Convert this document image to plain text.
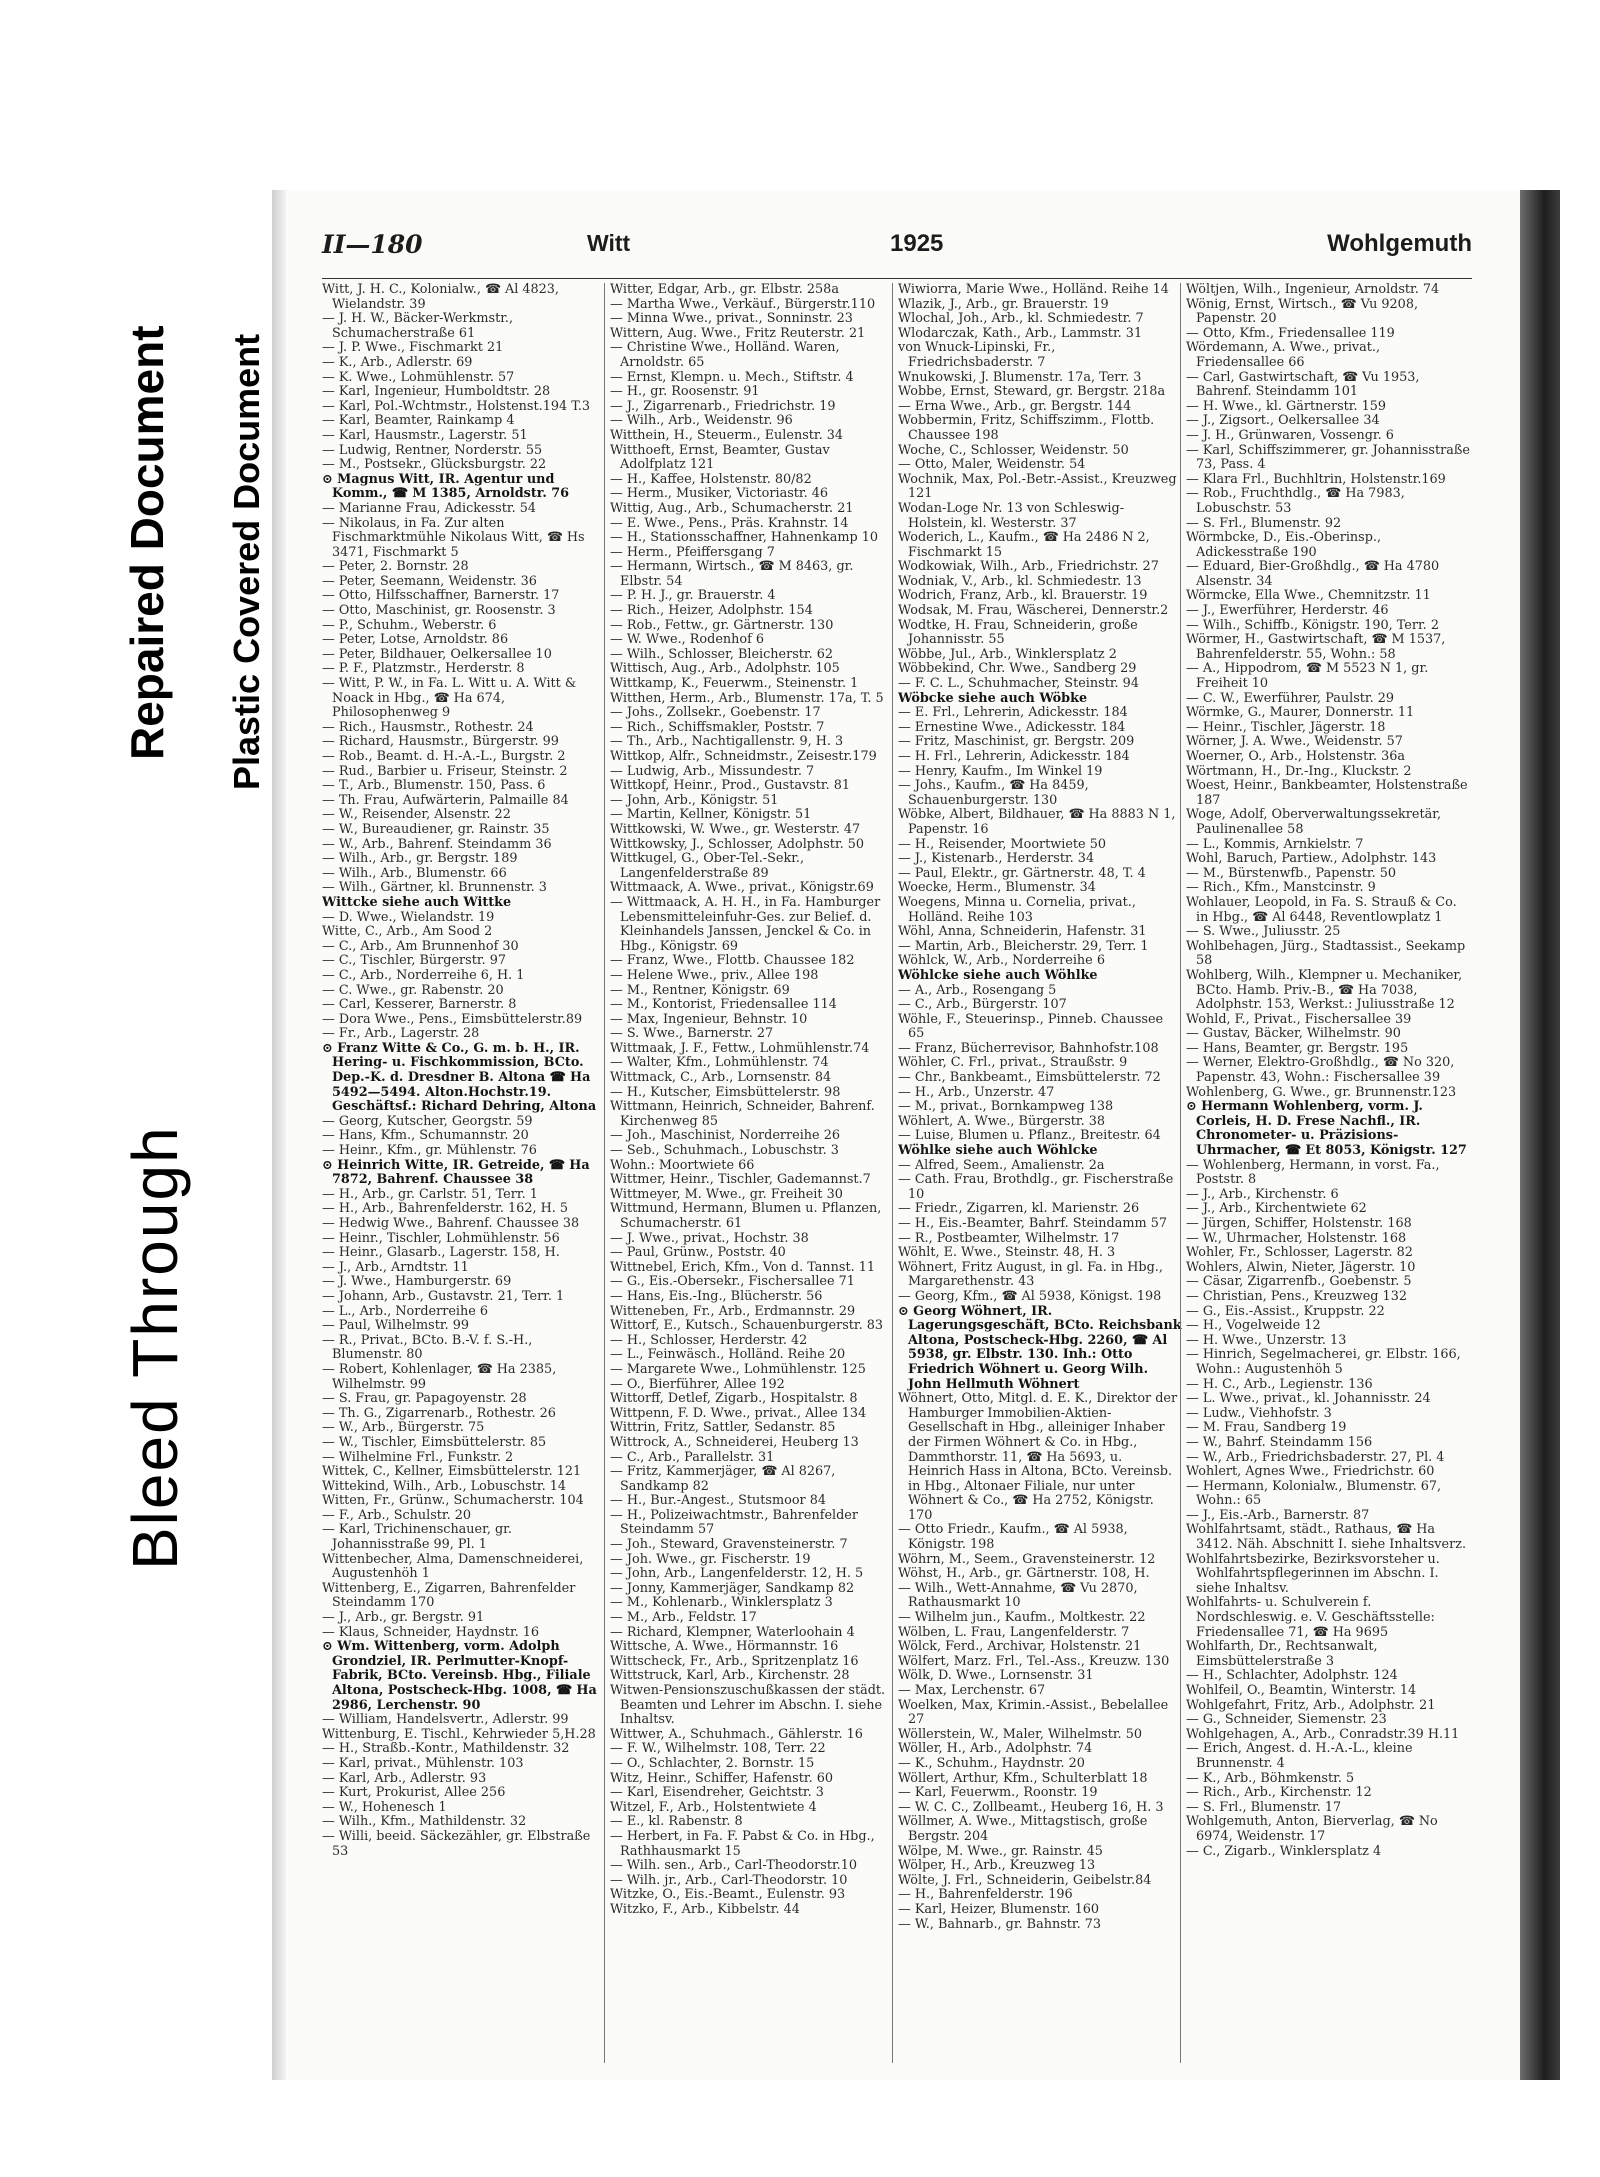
Bleed Through
Repaired Document Plastic Covered Document
II—180	Witt	1925	Wohlgemuth

Witt, J. H. C., Kolonialw., ☎ Al 4823, Wielandstr. 39

— J. H. W., Bäcker-Werkmstr., Schumacherstraße 61

— J. P. Wwe., Fischmarkt 21

— K., Arb., Adlerstr. 69

— K. Wwe., Lohmühlenstr. 57

— Karl, Ingenieur, Humboldtstr. 28

— Karl, Pol.-Wchtmstr., Holstenst.194 T.3

— Karl, Beamter, Rainkamp 4

— Karl, Hausmstr., Lagerstr. 51

— Ludwig, Rentner, Norderstr. 55

— M., Postsekr., Glücksburgstr. 22

⊙ Magnus Witt, IR. Agentur und Komm., ☎ M 1385, Arnoldstr. 76

— Marianne Frau, Adickesstr. 54

— Nikolaus, in Fa. Zur alten Fischmarktmühle Nikolaus Witt, ☎ Hs 3471, Fischmarkt 5

— Peter, 2. Bornstr. 28

— Peter, Seemann, Weidenstr. 36

— Otto, Hilfsschaffner, Barnerstr. 17

— Otto, Maschinist, gr. Roosenstr. 3

— P., Schuhm., Weberstr. 6

— Peter, Lotse, Arnoldstr. 86

— Peter, Bildhauer, Oelkersallee 10

— P. F., Platzmstr., Herderstr. 8

— Witt, P. W., in Fa. L. Witt u. A. Witt & Noack in Hbg., ☎ Ha 674, Philosophenweg 9

— Rich., Hausmstr., Rothestr. 24

— Richard, Hausmstr., Bürgerstr. 99

— Rob., Beamt. d. H.-A.-L., Burgstr. 2

— Rud., Barbier u. Friseur, Steinstr. 2

— T., Arb., Blumenstr. 150, Pass. 6

— Th. Frau, Aufwärterin, Palmaille 84

— W., Reisender, Alsenstr. 22

— W., Bureaudiener, gr. Rainstr. 35

— W., Arb., Bahrenf. Steindamm 36

— Wilh., Arb., gr. Bergstr. 189

— Wilh., Arb., Blumenstr. 66

— Wilh., Gärtner, kl. Brunnenstr. 3

Wittcke siehe auch Wittke

— D. Wwe., Wielandstr. 19

Witte, C., Arb., Am Sood 2

— C., Arb., Am Brunnenhof 30

— C., Tischler, Bürgerstr. 97

— C., Arb., Norderreihe 6, H. 1

— C. Wwe., gr. Rabenstr. 20

— Carl, Kesserer, Barnerstr. 8

— Dora Wwe., Pens., Eimsbüttelerstr.89

— Fr., Arb., Lagerstr. 28

⊙ Franz Witte & Co., G. m. b. H., IR. Hering- u. Fischkommission, BCto. Dep.-K. d. Dresdner B. Altona ☎ Ha 5492—5494. Alton.Hochstr.19. Geschäftsf.: Richard Dehring, Altona

— Georg, Kutscher, Georgstr. 59

— Hans, Kfm., Schumannstr. 20

— Heinr., Kfm., gr. Mühlenstr. 76

⊙ Heinrich Witte, IR. Getreide, ☎ Ha 7872, Bahrenf. Chaussee 38

— H., Arb., gr. Carlstr. 51, Terr. 1

— H., Arb., Bahrenfelderstr. 162, H. 5

— Hedwig Wwe., Bahrenf. Chaussee 38

— Heinr., Tischler, Lohmühlenstr. 56

— Heinr., Glasarb., Lagerstr. 158, H.

— J., Arb., Arndtstr. 11

— J. Wwe., Hamburgerstr. 69

— Johann, Arb., Gustavstr. 21, Terr. 1

— L., Arb., Norderreihe 6

— Paul, Wilhelmstr. 99

— R., Privat., BCto. B.-V. f. S.-H., Blumenstr. 80

— Robert, Kohlenlager, ☎ Ha 2385, Wilhelmstr. 99

— S. Frau, gr. Papagoyenstr. 28

— Th. G., Zigarrenarb., Rothestr. 26

— W., Arb., Bürgerstr. 75

— W., Tischler, Eimsbüttelerstr. 85

— Wilhelmine Frl., Funkstr. 2

Wittek, C., Kellner, Eimsbüttelerstr. 121

Wittekind, Wilh., Arb., Lobuschstr. 14

Witten, Fr., Grünw., Schumacherstr. 104

— F., Arb., Schulstr. 20

— Karl, Trichinenschauer, gr. Johannisstraße 99, Pl. 1

Wittenbecher, Alma, Damenschneiderei, Augustenhöh 1

Wittenberg, E., Zigarren, Bahrenfelder Steindamm 170

— J., Arb., gr. Bergstr. 91

— Klaus, Schneider, Haydnstr. 16

⊙ Wm. Wittenberg, vorm. Adolph Grondziel, IR. Perlmutter-Knopf-Fabrik, BCto. Vereinsb. Hbg., Filiale Altona, Postscheck-Hbg. 1008, ☎ Ha 2986, Lerchenstr. 90

— William, Handelsvertr., Adlerstr. 99

Wittenburg, E. Tischl., Kehrwieder 5,H.28

— H., Straßb.-Kontr., Mathildenstr. 32

— Karl, privat., Mühlenstr. 103

— Karl, Arb., Adlerstr. 93

— Kurt, Prokurist, Allee 256

— W., Hohenesch 1

— Wilh., Kfm., Mathildenstr. 32

— Willi, beeid. Säckezähler, gr. Elbstraße 53

Witter, Edgar, Arb., gr. Elbstr. 258a

— Martha Wwe., Verkäuf., Bürgerstr.110

— Minna Wwe., privat., Sonninstr. 23

Wittern, Aug. Wwe., Fritz Reuterstr. 21

— Christine Wwe., Holländ. Waren, Arnoldstr. 65

— Ernst, Klempn. u. Mech., Stiftstr. 4

— H., gr. Roosenstr. 91

— J., Zigarrenarb., Friedrichstr. 19

— Wilh., Arb., Weidenstr. 96

Witthein, H., Steuerm., Eulenstr. 34

Witthoeft, Ernst, Beamter, Gustav Adolfplatz 121

— H., Kaffee, Holstenstr. 80/82

— Herm., Musiker, Victoriastr. 46

Wittig, Aug., Arb., Schumacherstr. 21

— E. Wwe., Pens., Präs. Krahnstr. 14

— H., Stationsschaffner, Hahnenkamp 10

— Herm., Pfeiffersgang 7

— Hermann, Wirtsch., ☎ M 8463, gr. Elbstr. 54

— P. H. J., gr. Brauerstr. 4

— Rich., Heizer, Adolphstr. 154

— Rob., Fettw., gr. Gärtnerstr. 130

— W. Wwe., Rodenhof 6

— Wilh., Schlosser, Bleicherstr. 62

Wittisch, Aug., Arb., Adolphstr. 105

Wittkamp, K., Feuerwm., Steinenstr. 1

Witthen, Herm., Arb., Blumenstr. 17a, T. 5

— Johs., Zollsekr., Goebenstr. 17

— Rich., Schiffsmakler, Poststr. 7

— Th., Arb., Nachtigallenstr. 9, H. 3

Wittkop, Alfr., Schneidmstr., Zeisestr.179

— Ludwig, Arb., Missundestr. 7

Wittkopf, Heinr., Prod., Gustavstr. 81

— John, Arb., Königstr. 51

— Martin, Kellner, Königstr. 51

Wittkowski, W. Wwe., gr. Westerstr. 47

Wittkowsky, J., Schlosser, Adolphstr. 50

Wittkugel, G., Ober-Tel.-Sekr., Langenfelderstraße 89

Wittmaack, A. Wwe., privat., Königstr.69

— Wittmaack, A. H. H., in Fa. Hamburger Lebensmitteleinfuhr-Ges. zur Belief. d. Kleinhandels Janssen, Jenckel & Co. in Hbg., Königstr. 69

— Franz, Wwe., Flottb. Chaussee 182

— Helene Wwe., priv., Allee 198

— M., Rentner, Königstr. 69

— M., Kontorist, Friedensallee 114

— Max, Ingenieur, Behnstr. 10

— S. Wwe., Barnerstr. 27

Wittmaak, J. F., Fettw., Lohmühlenstr.74

— Walter, Kfm., Lohmühlenstr. 74

Wittmack, C., Arb., Lornsenstr. 84

— H., Kutscher, Eimsbüttelerstr. 98

Wittmann, Heinrich, Schneider, Bahrenf. Kirchenweg 85

— Joh., Maschinist, Norderreihe 26

— Seb., Schuhmach., Lobuschstr. 3

Wohn.: Moortwiete 66

Wittmer, Heinr., Tischler, Gademannst.7

Wittmeyer, M. Wwe., gr. Freiheit 30

Wittmund, Hermann, Blumen u. Pflanzen, Schumacherstr. 61

— J. Wwe., privat., Hochstr. 38

— Paul, Grünw., Poststr. 40

Wittnebel, Erich, Kfm., Von d. Tannst. 11

— G., Eis.-Obersekr., Fischersallee 71

— Hans, Eis.-Ing., Blücherstr. 56

Witteneben, Fr., Arb., Erdmannstr. 29

Wittorf, E., Kutsch., Schauenburgerstr. 83

— H., Schlosser, Herderstr. 42

— L., Feinwäsch., Holländ. Reihe 20

— Margarete Wwe., Lohmühlenstr. 125

— O., Bierführer, Allee 192

Wittorff, Detlef, Zigarb., Hospitalstr. 8

Wittpenn, F. D. Wwe., privat., Allee 134

Wittrin, Fritz, Sattler, Sedanstr. 85

Wittrock, A., Schneiderei, Heuberg 13

— C., Arb., Parallelstr. 31

— Fritz, Kammerjäger, ☎ Al 8267, Sandkamp 82

— H., Bur.-Angest., Stutsmoor 84

— H., Polizeiwachtmstr., Bahrenfelder Steindamm 57

— Joh., Steward, Gravensteinerstr. 7

— Joh. Wwe., gr. Fischerstr. 19

— John, Arb., Langenfelderstr. 12, H. 5

— Jonny, Kammerjäger, Sandkamp 82

— M., Kohlenarb., Winklersplatz 3

— M., Arb., Feldstr. 17

— Richard, Klempner, Waterloohain 4

Wittsche, A. Wwe., Hörmannstr. 16

Wittscheck, Fr., Arb., Spritzenplatz 16

Wittstruck, Karl, Arb., Kirchenstr. 28

Witwen-Pensionszuschußkassen der städt. Beamten und Lehrer im Abschn. I. siehe Inhaltsv.

Wittwer, A., Schuhmach., Gählerstr. 16

— F. W., Wilhelmstr. 108, Terr. 22

— O., Schlachter, 2. Bornstr. 15

Witz, Heinr., Schiffer, Hafenstr. 60

— Karl, Eisendreher, Geichtstr. 3

Witzel, F., Arb., Holstentwiete 4

— E., kl. Rabenstr. 8

— Herbert, in Fa. F. Pabst & Co. in Hbg., Rathhausmarkt 15

— Wilh. sen., Arb., Carl-Theodorstr.10

— Wilh. jr., Arb., Carl-Theodorstr. 10

Witzke, O., Eis.-Beamt., Eulenstr. 93

Witzko, F., Arb., Kibbelstr. 44

Wiwiorra, Marie Wwe., Holländ. Reihe 14

Wlazik, J., Arb., gr. Brauerstr. 19

Wlochal, Joh., Arb., kl. Schmiedestr. 7

Wlodarczak, Kath., Arb., Lammstr. 31

von Wnuck-Lipinski, Fr., Friedrichsbaderstr. 7

Wnukowski, J. Blumenstr. 17a, Terr. 3

Wobbe, Ernst, Steward, gr. Bergstr. 218a

— Erna Wwe., Arb., gr. Bergstr. 144

Wobbermin, Fritz, Schiffszimm., Flottb. Chaussee 198

Woche, C., Schlosser, Weidenstr. 50

— Otto, Maler, Weidenstr. 54

Wochnik, Max, Pol.-Betr.-Assist., Kreuzweg 121

Wodan-Loge Nr. 13 von Schleswig-Holstein, kl. Westerstr. 37

Woderich, L., Kaufm., ☎ Ha 2486 N 2, Fischmarkt 15

Wodkowiak, Wilh., Arb., Friedrichstr. 27

Wodniak, V., Arb., kl. Schmiedestr. 13

Wodrich, Franz, Arb., kl. Brauerstr. 19

Wodsak, M. Frau, Wäscherei, Dennerstr.2

Wodtke, H. Frau, Schneiderin, große Johannisstr. 55

Wöbbe, Jul., Arb., Winklersplatz 2

Wöbbekind, Chr. Wwe., Sandberg 29

— F. C. L., Schuhmacher, Steinstr. 94

Wöbcke siehe auch Wöbke

— E. Frl., Lehrerin, Adickesstr. 184

— Ernestine Wwe., Adickesstr. 184

— Fritz, Maschinist, gr. Bergstr. 209

— H. Frl., Lehrerin, Adickesstr. 184

— Henry, Kaufm., Im Winkel 19

— Johs., Kaufm., ☎ Ha 8459, Schauenburgerstr. 130

Wöbke, Albert, Bildhauer, ☎ Ha 8883 N 1, Papenstr. 16

— H., Reisender, Moortwiete 50

— J., Kistenarb., Herderstr. 34

— Paul, Elektr., gr. Gärtnerstr. 48, T. 4

Woecke, Herm., Blumenstr. 34

Woegens, Minna u. Cornelia, privat., Holländ. Reihe 103

Wöhl, Anna, Schneiderin, Hafenstr. 31

— Martin, Arb., Bleicherstr. 29, Terr. 1

Wöhlck, W., Arb., Norderreihe 6

Wöhlcke siehe auch Wöhlke

— A., Arb., Rosengang 5

— C., Arb., Bürgerstr. 107

Wöhle, F., Steuerinsp., Pinneb. Chaussee 65

— Franz, Bücherrevisor, Bahnhofstr.108

Wöhler, C. Frl., privat., Straußstr. 9

— Chr., Bankbeamt., Eimsbüttelerstr. 72

— H., Arb., Unzerstr. 47

— M., privat., Bornkampweg 138

Wöhlert, A. Wwe., Bürgerstr. 38

— Luise, Blumen u. Pflanz., Breitestr. 64

Wöhlke siehe auch Wöhlcke

— Alfred, Seem., Amalienstr. 2a

— Cath. Frau, Brothdlg., gr. Fischerstraße 10

— Friedr., Zigarren, kl. Marienstr. 26

— H., Eis.-Beamter, Bahrf. Steindamm 57

— R., Postbeamter, Wilhelmstr. 17

Wöhlt, E. Wwe., Steinstr. 48, H. 3

Wöhnert, Fritz August, in gl. Fa. in Hbg., Margarethenstr. 43

— Georg, Kfm., ☎ Al 5938, Königst. 198

⊙ Georg Wöhnert, IR. Lagerungsgeschäft, BCto. Reichsbank Altona, Postscheck-Hbg. 2260, ☎ Al 5938, gr. Elbstr. 130. Inh.: Otto Friedrich Wöhnert u. Georg Wilh. John Hellmuth Wöhnert

Wöhnert, Otto, Mitgl. d. E. K., Direktor der Hamburger Immobilien-Aktien-Gesellschaft in Hbg., alleiniger Inhaber der Firmen Wöhnert & Co. in Hbg., Dammthorstr. 11, ☎ Ha 5693, u. Heinrich Hass in Altona, BCto. Vereinsb. in Hbg., Altonaer Filiale, nur unter Wöhnert & Co., ☎ Ha 2752, Königstr. 170

— Otto Friedr., Kaufm., ☎ Al 5938, Königstr. 198

Wöhrn, M., Seem., Gravensteinerstr. 12

Wöhst, H., Arb., gr. Gärtnerstr. 108, H.

— Wilh., Wett-Annahme, ☎ Vu 2870, Rathausmarkt 10

— Wilhelm jun., Kaufm., Moltkestr. 22

Wölben, L. Frau, Langenfelderstr. 7

Wölck, Ferd., Archivar, Holstenstr. 21

Wölfert, Marz. Frl., Tel.-Ass., Kreuzw. 130

Wölk, D. Wwe., Lornsenstr. 31

— Max, Lerchenstr. 67

Woelken, Max, Krimin.-Assist., Bebelallee 27

Wöllerstein, W., Maler, Wilhelmstr. 50

Wöller, H., Arb., Adolphstr. 74

— K., Schuhm., Haydnstr. 20

Wöllert, Arthur, Kfm., Schulterblatt 18

— Karl, Feuerwm., Roonstr. 19

— W. C. C., Zollbeamt., Heuberg 16, H. 3

Wöllmer, A. Wwe., Mittagstisch, große Bergstr. 204

Wölpe, M. Wwe., gr. Rainstr. 45

Wölper, H., Arb., Kreuzweg 13

Wölte, J. Frl., Schneiderin, Geibelstr.84

— H., Bahrenfelderstr. 196

— Karl, Heizer, Blumenstr. 160

— W., Bahnarb., gr. Bahnstr. 73

Wöltjen, Wilh., Ingenieur, Arnoldstr. 74

Wönig, Ernst, Wirtsch., ☎ Vu 9208, Papenstr. 20

— Otto, Kfm., Friedensallee 119

Wördemann, A. Wwe., privat., Friedensallee 66

— Carl, Gastwirtschaft, ☎ Vu 1953, Bahrenf. Steindamm 101

— H. Wwe., kl. Gärtnerstr. 159

— J., Zigsort., Oelkersallee 34

— J. H., Grünwaren, Vossengr. 6

— Karl, Schiffszimmerer, gr. Johannisstraße 73, Pass. 4

— Klara Frl., Buchhltrin, Holstenstr.169

— Rob., Fruchthdlg., ☎ Ha 7983, Lobuschstr. 53

— S. Frl., Blumenstr. 92

Wörmbcke, D., Eis.-Oberinsp., Adickesstraße 190

— Eduard, Bier-Großhdlg., ☎ Ha 4780 Alsenstr. 34

Wörmcke, Ella Wwe., Chemnitzstr. 11

— J., Ewerführer, Herderstr. 46

— Wilh., Schiffb., Königstr. 190, Terr. 2

Wörmer, H., Gastwirtschaft, ☎ M 1537, Bahrenfelderstr. 55, Wohn.: 58

— A., Hippodrom, ☎ M 5523 N 1, gr. Freiheit 10

— C. W., Ewerführer, Paulstr. 29

Wörmke, G., Maurer, Donnerstr. 11

— Heinr., Tischler, Jägerstr. 18

Wörner, J. A. Wwe., Weidenstr. 57

Woerner, O., Arb., Holstenstr. 36a

Wörtmann, H., Dr.-Ing., Kluckstr. 2

Woest, Heinr., Bankbeamter, Holstenstraße 187

Woge, Adolf, Oberverwaltungssekretär, Paulinenallee 58

— L., Kommis, Arnkielstr. 7

Wohl, Baruch, Partiew., Adolphstr. 143

— M., Bürstenwfb., Papenstr. 50

— Rich., Kfm., Manstcinstr. 9

Wohlauer, Leopold, in Fa. S. Strauß & Co. in Hbg., ☎ Al 6448, Reventlowplatz 1

— S. Wwe., Juliusstr. 25

Wohlbehagen, Jürg., Stadtassist., Seekamp 58

Wohlberg, Wilh., Klempner u. Mechaniker, BCto. Hamb. Priv.-B., ☎ Ha 7038, Adolphstr. 153, Werkst.: Juliusstraße 12

Wohld, F., Privat., Fischersallee 39

— Gustav, Bäcker, Wilhelmstr. 90

— Hans, Beamter, gr. Bergstr. 195

— Werner, Elektro-Großhdlg., ☎ No 320, Papenstr. 43, Wohn.: Fischersallee 39

Wohlenberg, G. Wwe., gr. Brunnenstr.123

⊙ Hermann Wohlenberg, vorm. J. Corleis, H. D. Frese Nachfl., IR. Chronometer- u. Präzisions-Uhrmacher, ☎ Et 8053, Königstr. 127

— Wohlenberg, Hermann, in vorst. Fa., Poststr. 8

— J., Arb., Kirchenstr. 6

— J., Arb., Kirchentwiete 62

— Jürgen, Schiffer, Holstenstr. 168

— W., Uhrmacher, Holstenstr. 168

Wohler, Fr., Schlosser, Lagerstr. 82

Wohlers, Alwin, Nieter, Jägerstr. 10

— Cäsar, Zigarrenfb., Goebenstr. 5

— Christian, Pens., Kreuzweg 132

— G., Eis.-Assist., Kruppstr. 22

— H., Vogelweide 12

— H. Wwe., Unzerstr. 13

— Hinrich, Segelmacherei, gr. Elbstr. 166, Wohn.: Augustenhöh 5

— H. C., Arb., Legienstr. 136

— L. Wwe., privat., kl. Johannisstr. 24

— Ludw., Viehhofstr. 3

— M. Frau, Sandberg 19

— W., Bahrf. Steindamm 156

— W., Arb., Friedrichsbaderstr. 27, Pl. 4

Wohlert, Agnes Wwe., Friedrichstr. 60

— Hermann, Kolonialw., Blumenstr. 67, Wohn.: 65

— J., Eis.-Arb., Barnerstr. 87

Wohlfahrtsamt, städt., Rathaus, ☎ Ha 3412. Näh. Abschnitt I. siehe Inhaltsverz.

Wohlfahrtsbezirke, Bezirksvorsteher u. Wohlfahrtspflegerinnen im Abschn. I. siehe Inhaltsv.

Wohlfahrts- u. Schulverein f. Nordschleswig. e. V. Geschäftsstelle: Friedensallee 71, ☎ Ha 9695

Wohlfarth, Dr., Rechtsanwalt, Eimsbüttelerstraße 3

— H., Schlachter, Adolphstr. 124

Wohlfeil, O., Beamtin, Winterstr. 14

Wohlgefahrt, Fritz, Arb., Adolphstr. 21

— G., Schneider, Siemenstr. 23

Wohlgehagen, A., Arb., Conradstr.39 H.11

— Erich, Angest. d. H.-A.-L., kleine Brunnenstr. 4

— K., Arb., Böhmkenstr. 5

— Rich., Arb., Kirchenstr. 12

— S. Frl., Blumenstr. 17

Wohlgemuth, Anton, Bierverlag, ☎ No 6974, Weidenstr. 17

— C., Zigarb., Winklersplatz 4
